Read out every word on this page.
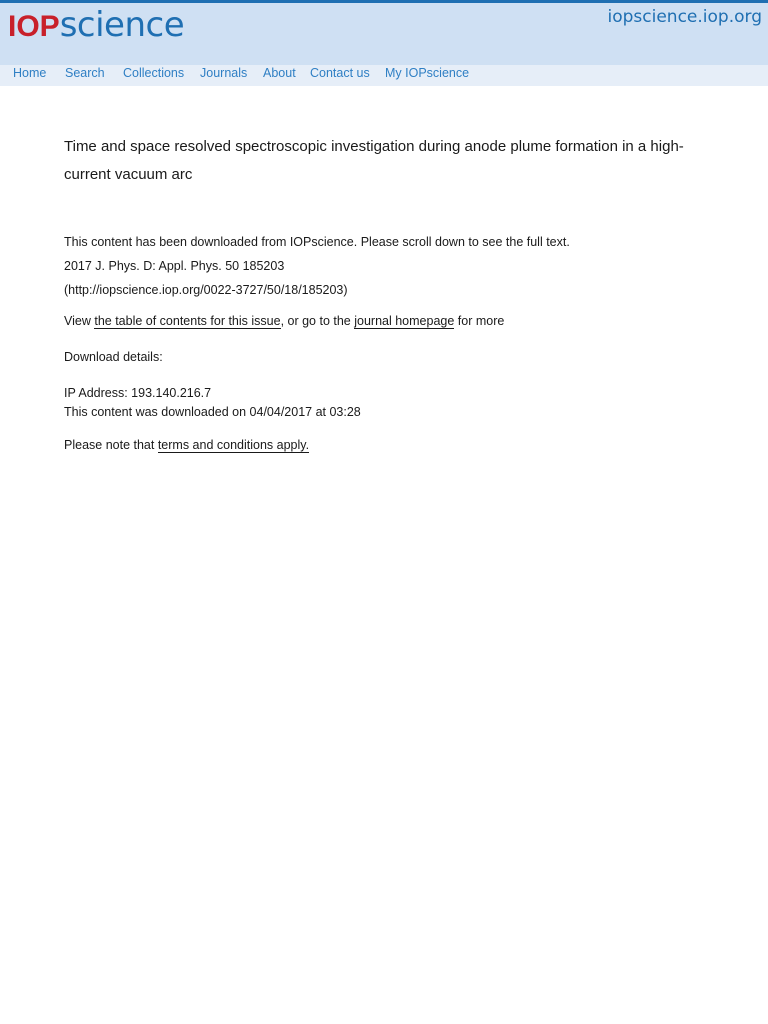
IOP science	iopscience.iop.org
Home Search Collections Journals About Contact us My IOPscience
Time and space resolved spectroscopic investigation during anode plume formation in a high-current vacuum arc
This content has been downloaded from IOPscience. Please scroll down to see the full text.
2017 J. Phys. D: Appl. Phys. 50 185203
(http://iopscience.iop.org/0022-3727/50/18/185203)
View the table of contents for this issue, or go to the journal homepage for more
Download details:
IP Address: 193.140.216.7
This content was downloaded on 04/04/2017 at 03:28
Please note that terms and conditions apply.
